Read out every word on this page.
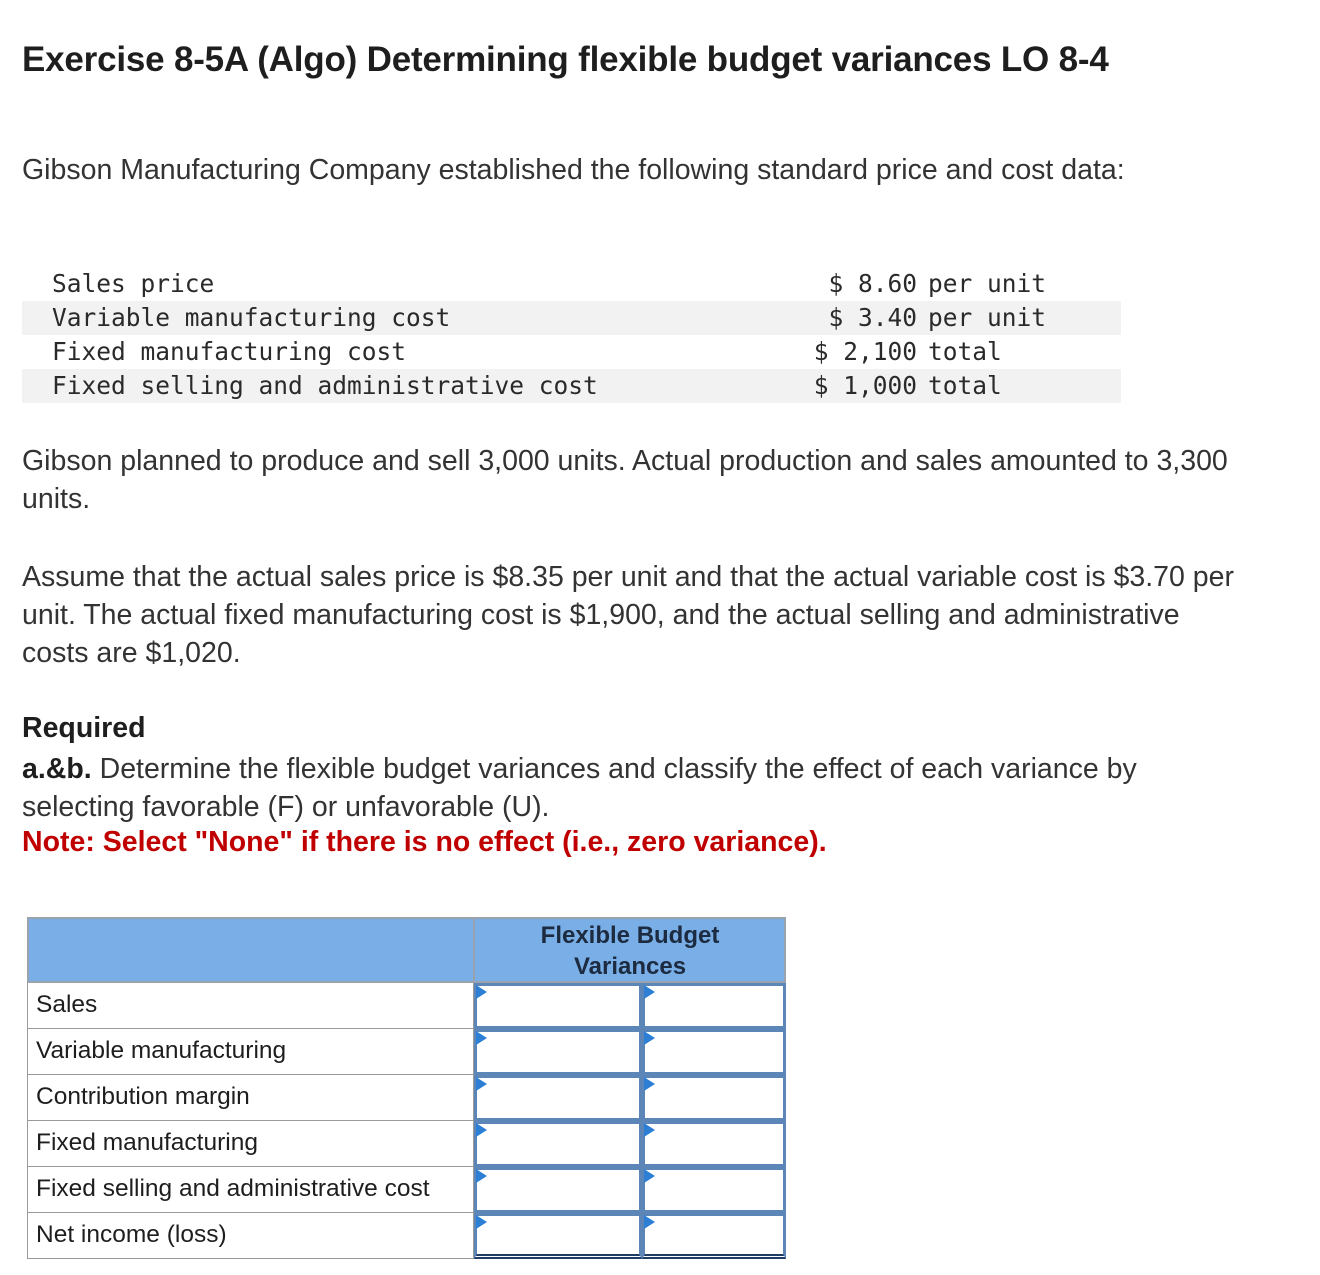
Exercise 8-5A (Algo) Determining flexible budget variances LO 8-4

Gibson Manufacturing Company established the following standard price and cost data:

Sales price	$ 8.60 per unit
Variable manufacturing cost	$ 3.40 per unit
Fixed manufacturing cost	$ 2,100 total
Fixed selling and administrative cost	$ 1,000 total

Gibson planned to produce and sell 3,000 units. Actual production and sales amounted to 3,300 units.

Assume that the actual sales price is $8.35 per unit and that the actual variable cost is $3.70 per unit. The actual fixed manufacturing cost is $1,900, and the actual selling and administrative costs are $1,020.

Required

a.&b. Determine the flexible budget variances and classify the effect of each variance by selecting favorable (F) or unfavorable (U).

Note: Select "None" if there is no effect (i.e., zero variance).

Flexible Budget
Variances
Sales
Variable manufacturing
Contribution margin
Fixed manufacturing
Fixed selling and administrative cost
Net income (loss)
